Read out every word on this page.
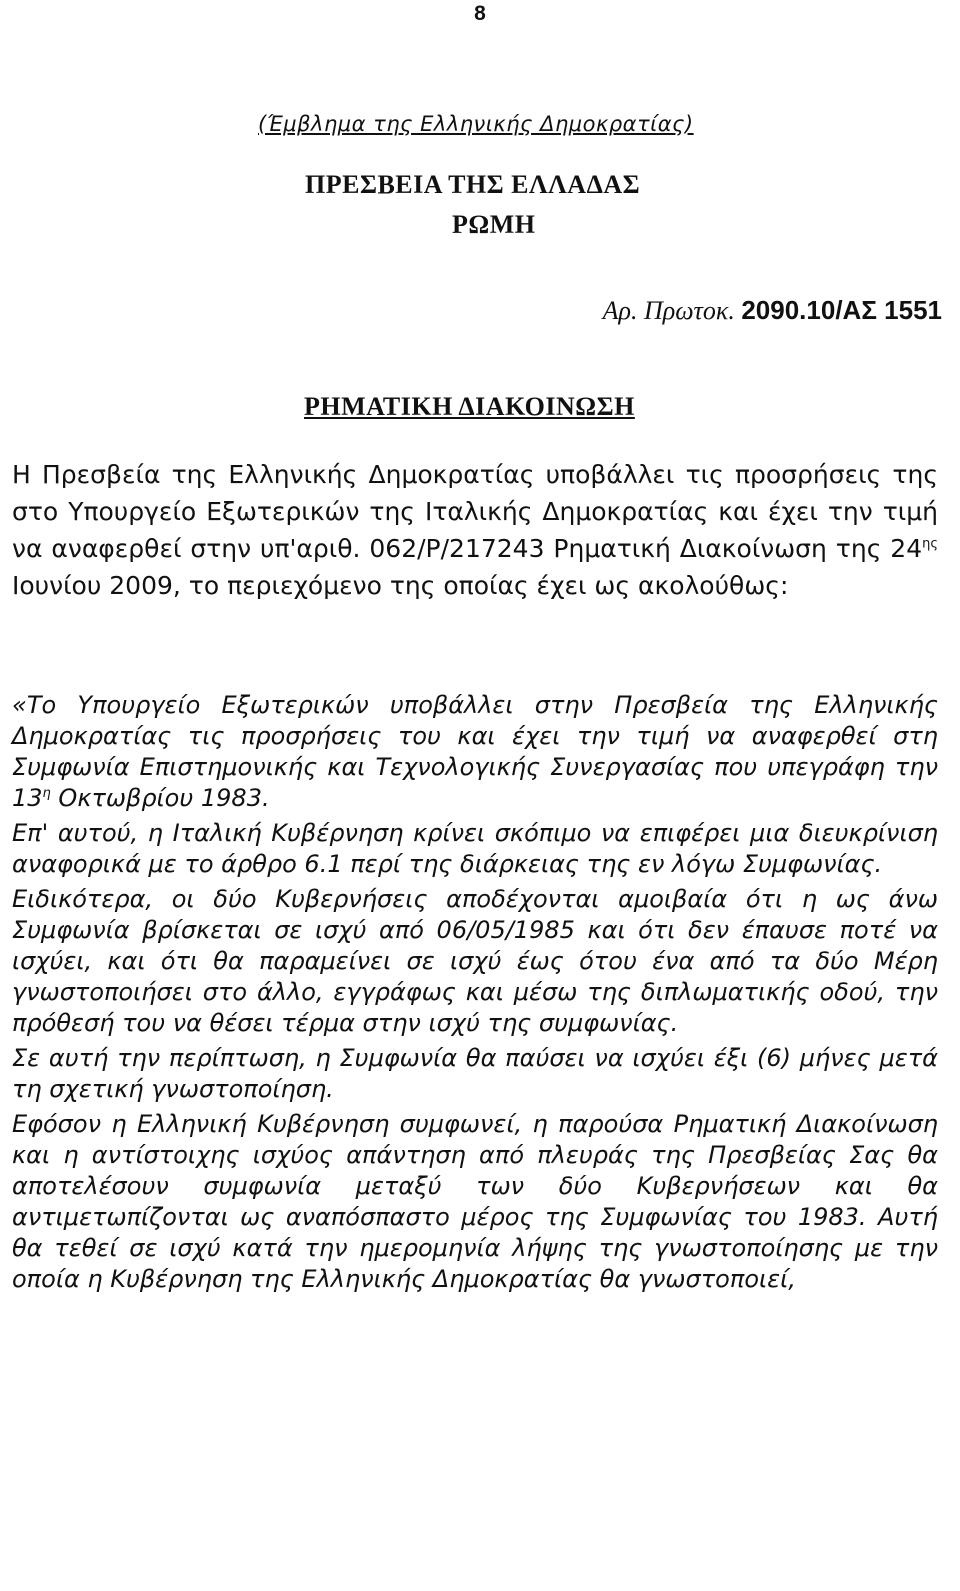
8
(Έμβλημα της Ελληνικής Δημοκρατίας)
ΠΡΕΣΒΕΙΑ ΤΗΣ ΕΛΛΑΔΑΣ
ΡΩΜΗ
Αρ. Πρωτοκ. 2090.10/ΑΣ 1551
ΡΗΜΑΤΙΚΗ ΔΙΑΚΟΙΝΩΣΗ

Η Πρεσβεία της Ελληνικής Δημοκρατίας υποβάλλει τις προσρήσεις της στο Υπουργείο Εξωτερικών της Ιταλικής Δημοκρατίας και έχει την τιμή να αναφερθεί στην υπ'αριθ. 062/P/217243 Ρηματική Διακοίνωση της $24^{\eta\varsigma}$ Ιουνίου 2009, το περιεχόμενο της οποίας έχει ως ακολούθως:

«Το Υπουργείο Εξωτερικών υποβάλλει στην Πρεσβεία της Ελληνικής Δημοκρατίας τις προσρήσεις του και έχει την τιμή να αναφερθεί στη Συμφωνία Επιστημονικής και Τεχνολογικής Συνεργασίας που υπεγράφη την $13^\eta$ Οκτωβρίου 1983.

Επ' αυτού, η Ιταλική Κυβέρνηση κρίνει σκόπιμο να επιφέρει μια διευκρίνιση αναφορικά με το άρθρο 6.1 περί της διάρκειας της εν λόγω Συμφωνίας.

Ειδικότερα, οι δύο Κυβερνήσεις αποδέχονται αμοιβαία ότι η ως άνω Συμφωνία βρίσκεται σε ισχύ από 06/05/1985 και ότι δεν έπαυσε ποτέ να ισχύει, και ότι θα παραμείνει σε ισχύ έως ότου ένα από τα δύο Μέρη γνωστοποιήσει στο άλλο, εγγράφως και μέσω της διπλωματικής οδού, την πρόθεσή του να θέσει τέρμα στην ισχύ της συμφωνίας.

Σε αυτή την περίπτωση, η Συμφωνία θα παύσει να ισχύει έξι (6) μήνες μετά τη σχετική γνωστοποίηση.

Εφόσον η Ελληνική Κυβέρνηση συμφωνεί, η παρούσα Ρηματική Διακοίνωση και η αντίστοιχης ισχύος απάντηση από πλευράς της Πρεσβείας Σας θα αποτελέσουν συμφωνία μεταξύ των δύο Κυβερνήσεων και θα αντιμετωπίζονται ως αναπόσπαστο μέρος της Συμφωνίας του 1983. Αυτή θα τεθεί σε ισχύ κατά την ημερομηνία λήψης της γνωστοποίησης με την οποία η Κυβέρνηση της Ελληνικής Δημοκρατίας θα γνωστοποιεί,
